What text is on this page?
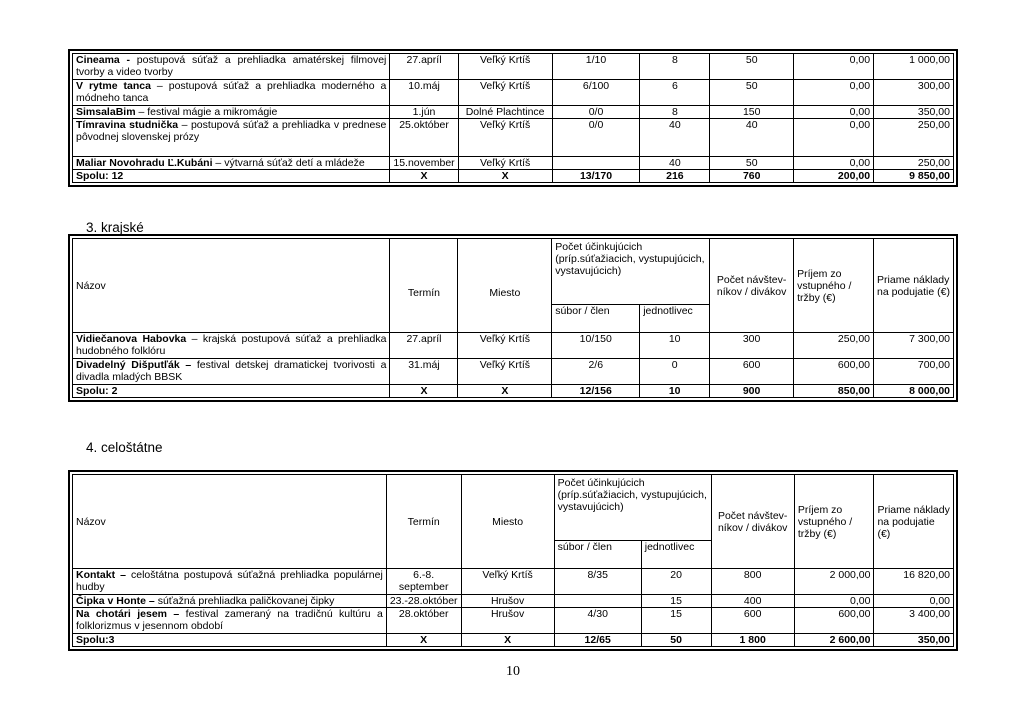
Cineama - postupová súťaž a prehliadka amatérskej filmovej tvorby a video tvorby	27.apríl	Veľký Krtíš	1/10	8	50	0,00	1 000,00
V rytme tanca – postupová súťaž a prehliadka moderného a módneho tanca	10.máj	Veľký Krtíš	6/100	6	50	0,00	300,00
SimsalaBim – festival mágie a mikromágie	1.jún	Dolné Plachtince	0/0	8	150	0,00	350,00
Tímravina studnička – postupová súťaž a prehliadka v prednese pôvodnej slovenskej prózy	25.október	Veľký Krtíš	0/0	40	40	0,00	250,00
Maliar Novohradu Ľ.Kubáni – výtvarná súťaž detí a mládeže	15.november	Veľký Krtíš		40	50	0,00	250,00
Spolu: 12	X	X	13/170	216	760	200,00	9 850,00
3. krajské
Názov	Termín	Miesto	Počet účinkujúcich (príp.súťažiacich, vystupujúcich, vystavujúcich)		Počet návštev-níkov / divákov	Príjem zo vstupného / tržby (€)	Priame náklady na podujatie (€)
			súbor / člen	jednotlivec			
Vidiečanova Habovka – krajská postupová súťaž a prehliadka hudobného folklóru	27.apríl	Veľký Krtíš	10/150	10	300	250,00	7 300,00
Divadelný Dišputľák – festival detskej dramatickej tvorivosti a divadla mladých BBSK	31.máj	Veľký Krtíš	2/6	0	600	600,00	700,00
Spolu: 2	X	X	12/156	10	900	850,00	8 000,00
4. celoštátne
Názov	Termín	Miesto	Počet účinkujúcich (príp.súťažiacich, vystupujúcich, vystavujúcich)		Počet návštev-níkov / divákov	Príjem zo vstupného / tržby (€)	Priame náklady na podujatie (€)
			súbor / člen	jednotlivec			
Kontakt – celoštátna postupová súťažná prehliadka populárnej hudby	6.-8. september	Veľký Krtíš	8/35	20	800	2 000,00	16 820,00
Čipka v Honte – súťažná prehliadka paličkovanej čipky	23.-28.október	Hrušov		15	400	0,00	0,00
Na chotári jesem – festival zameraný na tradičnú kultúru a folklorizmus v jesennom období	28.október	Hrušov	4/30	15	600	600,00	3 400,00
Spolu:3	X	X	12/65	50	1 800	2 600,00	350,00
10
